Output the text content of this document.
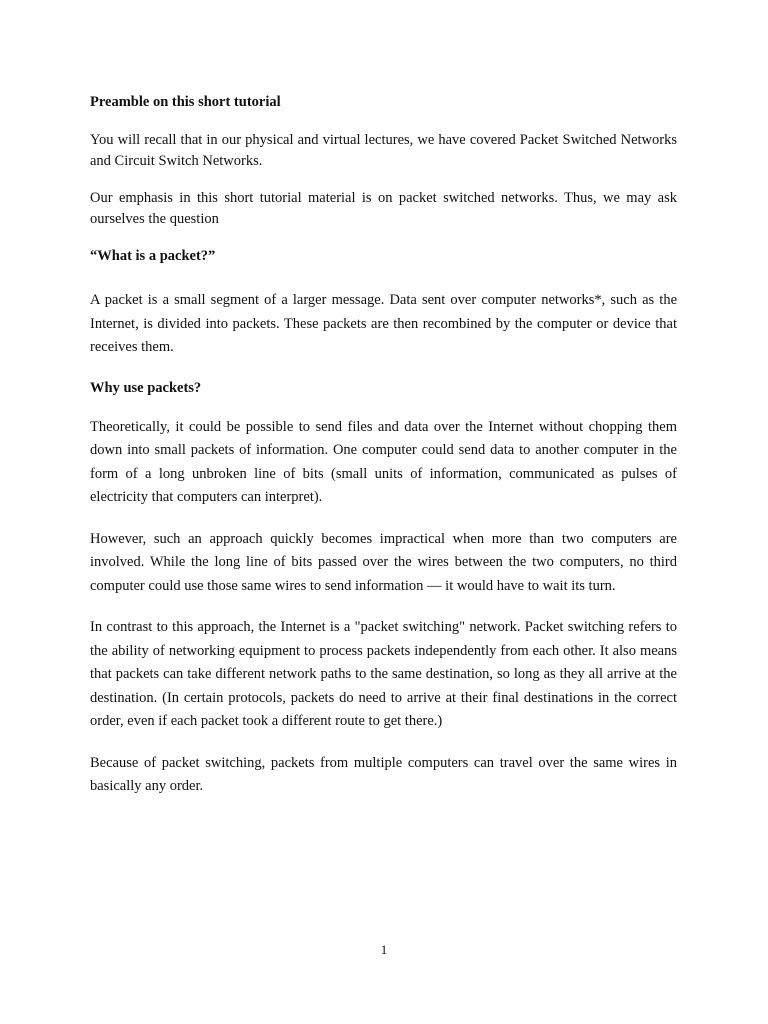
Preamble on this short tutorial

You will recall that in our physical and virtual lectures, we have covered Packet Switched Networks and Circuit Switch Networks.

Our emphasis in this short tutorial material is on packet switched networks. Thus, we may ask ourselves the question

“What is a packet?”

A packet is a small segment of a larger message. Data sent over computer networks*, such as the Internet, is divided into packets. These packets are then recombined by the computer or device that receives them.

Why use packets?

Theoretically, it could be possible to send files and data over the Internet without chopping them down into small packets of information. One computer could send data to another computer in the form of a long unbroken line of bits (small units of information, communicated as pulses of electricity that computers can interpret).

However, such an approach quickly becomes impractical when more than two computers are involved. While the long line of bits passed over the wires between the two computers, no third computer could use those same wires to send information — it would have to wait its turn.

In contrast to this approach, the Internet is a "packet switching" network. Packet switching refers to the ability of networking equipment to process packets independently from each other. It also means that packets can take different network paths to the same destination, so long as they all arrive at the destination. (In certain protocols, packets do need to arrive at their final destinations in the correct order, even if each packet took a different route to get there.)

Because of packet switching, packets from multiple computers can travel over the same wires in basically any order.

1
